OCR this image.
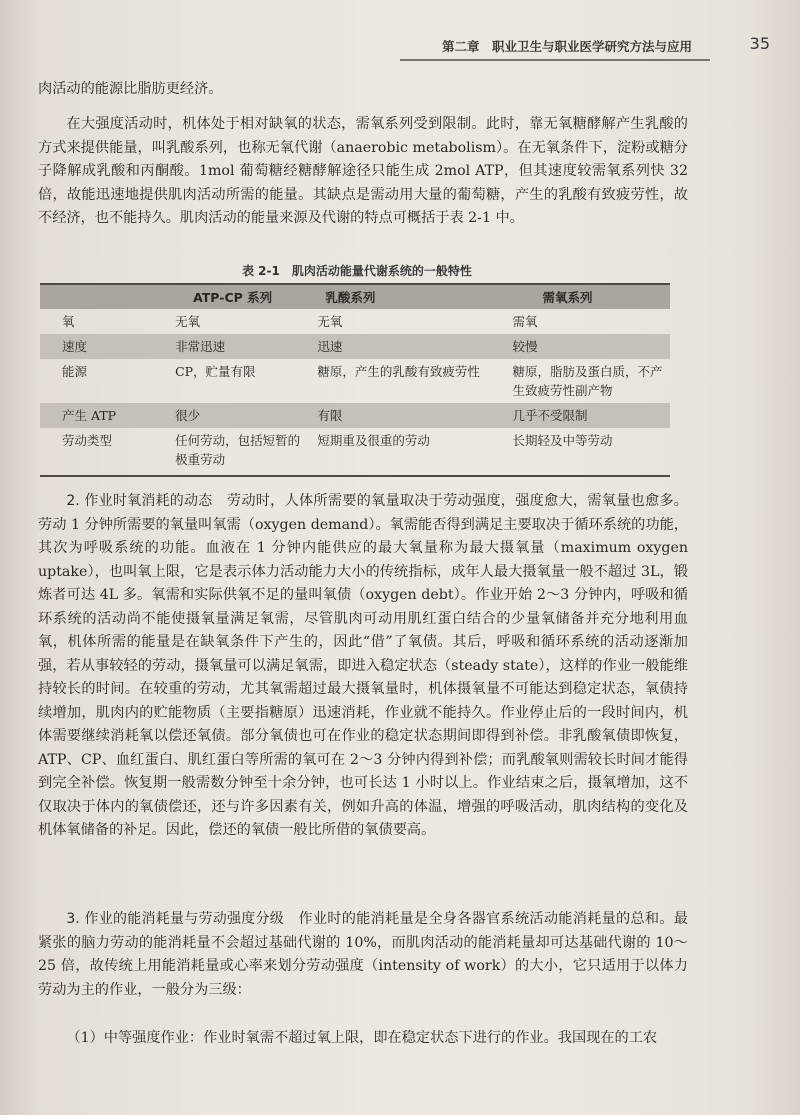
第二章　职业卫生与职业医学研究方法与应用	35

肉活动的能源比脂肪更经济。

在大强度活动时，机体处于相对缺氧的状态，需氧系列受到限制。此时，靠无氧糖酵解产生乳酸的方式来提供能量，叫乳酸系列，也称无氧代谢（anaerobic metabolism）。在无氧条件下，淀粉或糖分子降解成乳酸和丙酮酸。1mol 葡萄糖经糖酵解途径只能生成 2mol ATP，但其速度较需氧系列快 32 倍，故能迅速地提供肌肉活动所需的能量。其缺点是需动用大量的葡萄糖，产生的乳酸有致疲劳性，故不经济，也不能持久。肌肉活动的能量来源及代谢的特点可概括于表 2-1 中。

表 2-1　肌肉活动能量代谢系统的一般特性
	ATP-CP 系列	乳酸系列	需氧系列
氧	无氧	无氧	需氧
速度	非常迅速	迅速	较慢
能源	CP，贮量有限	糖原，产生的乳酸有致疲劳性	糖原，脂肪及蛋白质，不产生致疲劳性副产物
产生 ATP	很少	有限	几乎不受限制
劳动类型	任何劳动，包括短暂的极重劳动	短期重及很重的劳动	长期轻及中等劳动

2. 作业时氧消耗的动态　 劳动时，人体所需要的氧量取决于劳动强度，强度愈大，需氧量也愈多。劳动 1 分钟所需要的氧量叫氧需（oxygen demand）。氧需能否得到满足主要取决于循环系统的功能，其次为呼吸系统的功能。血液在 1 分钟内能供应的最大氧量称为最大摄氧量（maximum oxygen uptake），也叫氧上限，它是表示体力活动能力大小的传统指标，成年人最大摄氧量一般不超过 3L，锻炼者可达 4L 多。氧需和实际供氧不足的量叫氧债（oxygen debt）。作业开始 2～3 分钟内，呼吸和循环系统的活动尚不能使摄氧量满足氧需，尽管肌肉可动用肌红蛋白结合的少量氧储备并充分地利用血氧，机体所需的能量是在缺氧条件下产生的，因此“借”了氧债。其后，呼吸和循环系统的活动逐渐加强，若从事较轻的劳动，摄氧量可以满足氧需，即进入稳定状态（steady state），这样的作业一般能维持较长的时间。在较重的劳动，尤其氧需超过最大摄氧量时，机体摄氧量不可能达到稳定状态，氧债持续增加，肌肉内的贮能物质（主要指糖原）迅速消耗，作业就不能持久。作业停止后的一段时间内，机体需要继续消耗氧以偿还氧债。部分氧债也可在作业的稳定状态期间即得到补偿。非乳酸氧债即恢复，ATP、CP、血红蛋白、肌红蛋白等所需的氧可在 2～3 分钟内得到补偿；而乳酸氧则需较长时间才能得到完全补偿。恢复期一般需数分钟至十余分钟，也可长达 1 小时以上。作业结束之后，摄氧增加，这不仅取决于体内的氧债偿还，还与许多因素有关，例如升高的体温，增强的呼吸活动，肌肉结构的变化及机体氧储备的补足。因此，偿还的氧债一般比所借的氧债要高。

3. 作业的能消耗量与劳动强度分级　 作业时的能消耗量是全身各器官系统活动能消耗量的总和。最紧张的脑力劳动的能消耗量不会超过基础代谢的 10%，而肌肉活动的能消耗量却可达基础代谢的 10～25 倍，故传统上用能消耗量或心率来划分劳动强度（intensity of work）的大小，它只适用于以体力劳动为主的作业，一般分为三级：

（1）中等强度作业：作业时氧需不超过氧上限，即在稳定状态下进行的作业。我国现在的工农
